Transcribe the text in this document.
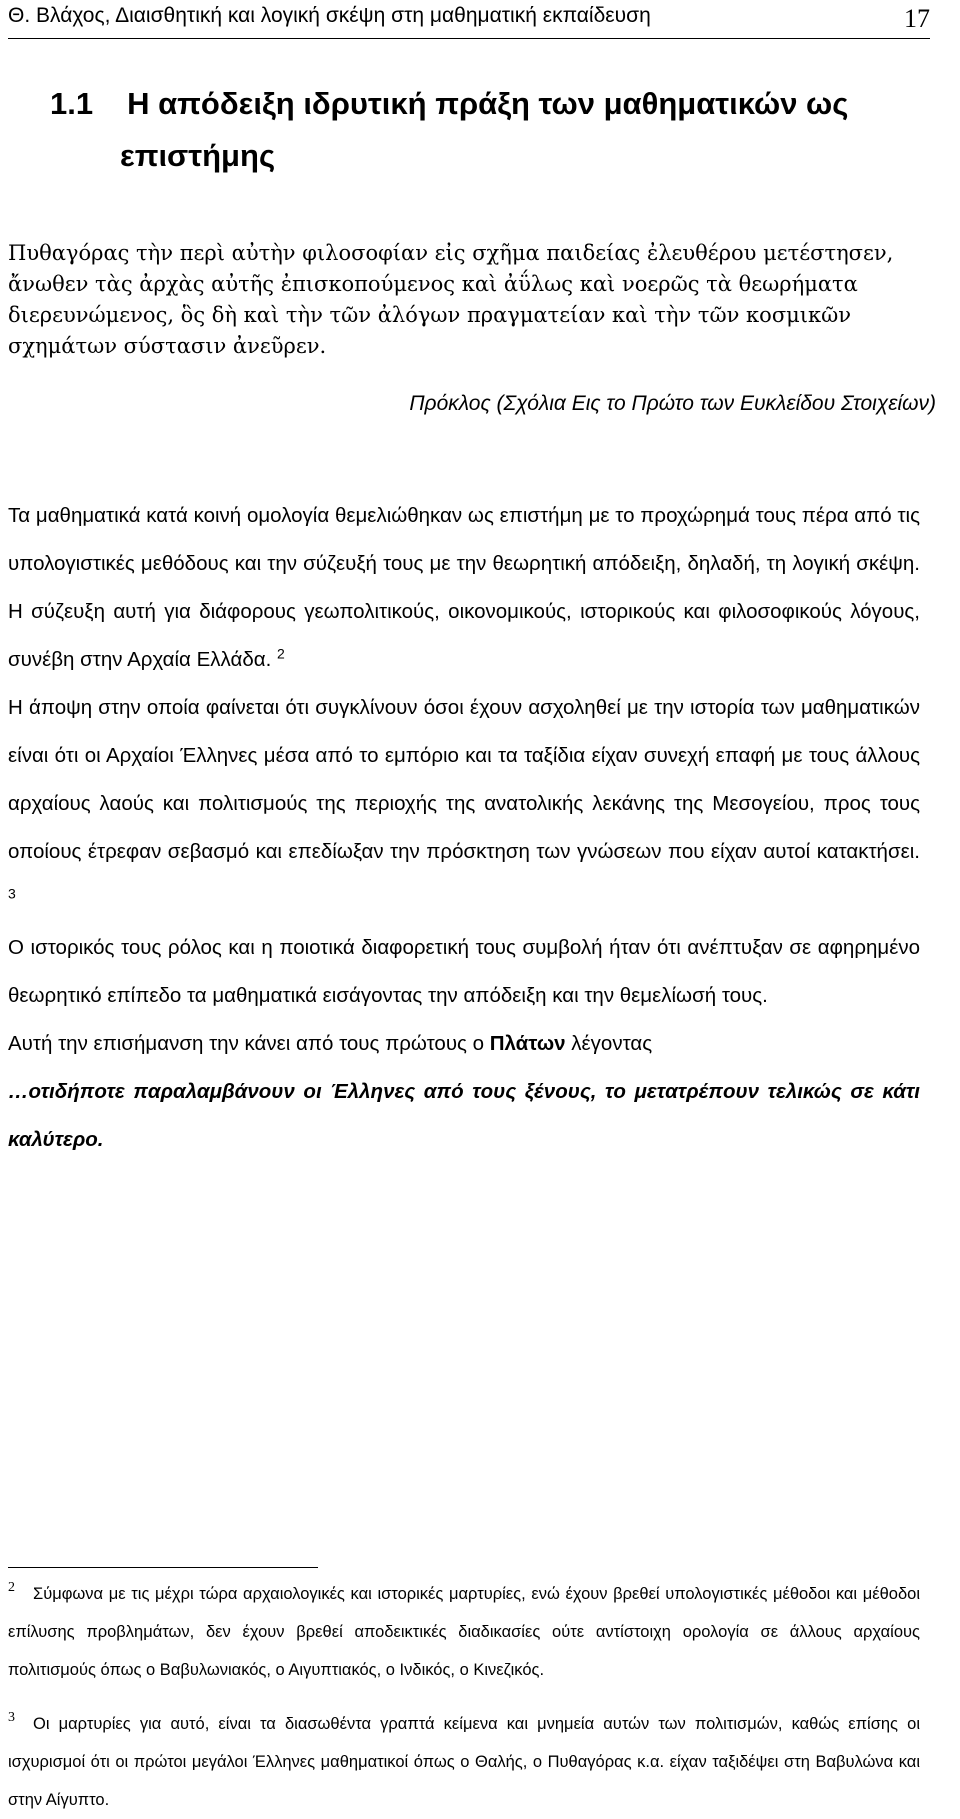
Θ. Βλάχος, Διαισθητική και λογική σκέψη στη μαθηματική εκπαίδευση	17
1.1 Η απόδειξη ιδρυτική πράξη των μαθηματικών ως
επιστήμης

Πυθαγόρας τὴν περὶ αὐτὴν φιλοσοφίαν εἰς σχῆμα παιδείας ἐλευθέρου μετέστησεν, ἄνωθεν τὰς ἀρχὰς αὐτῆς ἐπισκοπούμενος καὶ ἀΰλως καὶ νοερῶς τὰ θεωρήματα διερευνώμενος, ὃς δὴ καὶ τὴν τῶν ἀλόγων πραγματείαν καὶ τὴν τῶν κοσμικῶν σχημάτων σύστασιν ἀνεῦρεν.

Πρόκλος (Σχόλια Εις το Πρώτο των Ευκλείδου Στοιχείων)

Τα μαθηματικά κατά κοινή ομολογία θεμελιώθηκαν ως επιστήμη με το προχώρημά τους πέρα από τις υπολογιστικές μεθόδους και την σύζευξή τους με την θεωρητική απόδειξη, δηλαδή, τη λογική σκέψη. Η σύζευξη αυτή για διάφορους γεωπολιτικούς, οικονομικούς, ιστορικούς και φιλοσοφικούς λόγους, συνέβη στην Αρχαία Ελλάδα. $^2$

Η άποψη στην οποία φαίνεται ότι συγκλίνουν όσοι έχουν ασχοληθεί με την ιστορία των μαθηματικών είναι ότι οι Αρχαίοι Έλληνες μέσα από το εμπόριο και τα ταξίδια είχαν συνεχή επαφή με τους άλλους αρχαίους λαούς και πολιτισμούς της περιοχής της ανατολικής λεκάνης της Μεσογείου, προς τους οποίους έτρεφαν σεβασμό και επεδίωξαν την πρόσκτηση των γνώσεων που είχαν αυτοί κατακτήσει. $^3$

Ο ιστορικός τους ρόλος και η ποιοτικά διαφορετική τους συμβολή ήταν ότι ανέπτυξαν σε αφηρημένο θεωρητικό επίπεδο τα μαθηματικά εισάγοντας την απόδειξη και την θεμελίωσή τους.

Αυτή την επισήμανση την κάνει από τους πρώτους ο Πλάτων λέγοντας

…οτιδήποτε παραλαμβάνουν οι Έλληνες από τους ξένους, το μετατρέπουν τελικώς σε κάτι καλύτερο.

$^2$ Σύμφωνα με τις μέχρι τώρα αρχαιολογικές και ιστορικές μαρτυρίες, ενώ έχουν βρεθεί υπολογιστικές μέθοδοι και μέθοδοι επίλυσης προβλημάτων, δεν έχουν βρεθεί αποδεικτικές διαδικασίες ούτε αντίστοιχη ορολογία σε άλλους αρχαίους πολιτισμούς όπως ο Βαβυλωνιακός, ο Αιγυπτιακός, ο Ινδικός, ο Κινεζικός.

$^3$ Οι μαρτυρίες για αυτό, είναι τα διασωθέντα γραπτά κείμενα και μνημεία αυτών των πολιτισμών, καθώς επίσης οι ισχυρισμοί ότι οι πρώτοι μεγάλοι Έλληνες μαθηματικοί όπως ο Θαλής, ο Πυθαγόρας κ.α. είχαν ταξιδέψει στη Βαβυλώνα και στην Αίγυπτο.
